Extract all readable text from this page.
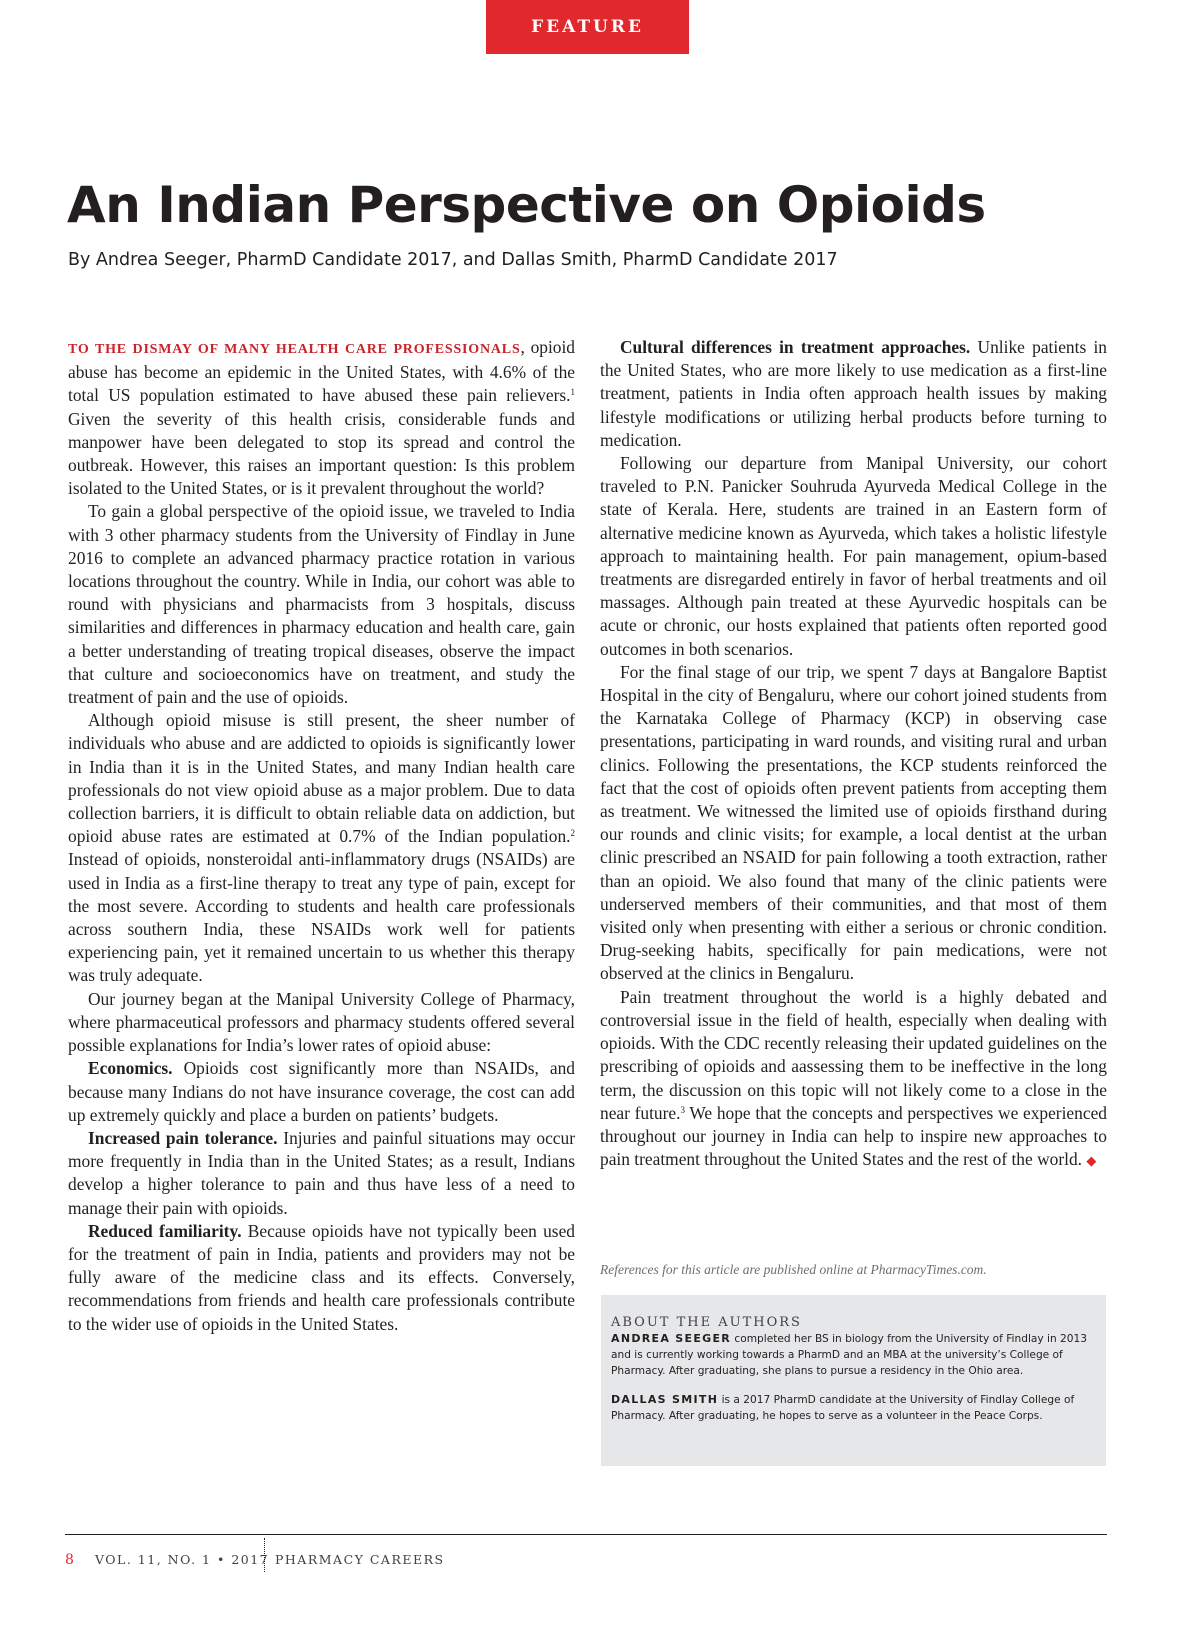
FEATURE
An Indian Perspective on Opioids

By Andrea Seeger, PharmD Candidate 2017, and Dallas Smith, PharmD Candidate 2017

TO THE DISMAY OF MANY HEALTH CARE PROFESSIONALS, opioid abuse has become an epidemic in the United States, with 4.6% of the total US population estimated to have abused these pain relievers.$^1$ Given the severity of this health crisis, considerable funds and manpower have been delegated to stop its spread and control the outbreak. However, this raises an important question: Is this problem isolated to the United States, or is it prevalent throughout the world?

To gain a global perspective of the opioid issue, we traveled to India with 3 other pharmacy students from the University of Findlay in June 2016 to complete an advanced pharmacy practice rotation in various locations throughout the country. While in India, our cohort was able to round with physicians and pharmacists from 3 hospitals, discuss similarities and differences in pharmacy education and health care, gain a better understanding of treating tropical diseases, observe the impact that culture and socioeconomics have on treatment, and study the treatment of pain and the use of opioids.

Although opioid misuse is still present, the sheer number of individuals who abuse and are addicted to opioids is significantly lower in India than it is in the United States, and many Indian health care professionals do not view opioid abuse as a major problem. Due to data collection barriers, it is difficult to obtain reliable data on addiction, but opioid abuse rates are estimated at 0.7% of the Indian population.$^2$ Instead of opioids, nonsteroidal anti-inflammatory drugs (NSAIDs) are used in India as a first-line therapy to treat any type of pain, except for the most severe. According to students and health care professionals across southern India, these NSAIDs work well for patients experiencing pain, yet it remained uncertain to us whether this therapy was truly adequate.

Our journey began at the Manipal University College of Pharmacy, where pharmaceutical professors and pharmacy students offered several possible explanations for India’s lower rates of opioid abuse:

Economics. Opioids cost significantly more than NSAIDs, and because many Indians do not have insurance coverage, the cost can add up extremely quickly and place a burden on patients’ budgets.

Increased pain tolerance. Injuries and painful situations may occur more frequently in India than in the United States; as a result, Indians develop a higher tolerance to pain and thus have less of a need to manage their pain with opioids.

Reduced familiarity. Because opioids have not typically been used for the treatment of pain in India, patients and providers may not be fully aware of the medicine class and its effects. Conversely, recommendations from friends and health care professionals contribute to the wider use of opioids in the United States.

Cultural differences in treatment approaches. Unlike patients in the United States, who are more likely to use medication as a first-line treatment, patients in India often approach health issues by making lifestyle modifications or utilizing herbal products before turning to medication.

Following our departure from Manipal University, our cohort traveled to P.N. Panicker Souhruda Ayurveda Medical College in the state of Kerala. Here, students are trained in an Eastern form of alternative medicine known as Ayurveda, which takes a holistic lifestyle approach to maintaining health. For pain management, opium-based treatments are disregarded entirely in favor of herbal treatments and oil massages. Although pain treated at these Ayurvedic hospitals can be acute or chronic, our hosts explained that patients often reported good outcomes in both scenarios.

For the final stage of our trip, we spent 7 days at Bangalore Baptist Hospital in the city of Bengaluru, where our cohort joined students from the Karnataka College of Pharmacy (KCP) in observing case presentations, participating in ward rounds, and visiting rural and urban clinics. Following the presentations, the KCP students reinforced the fact that the cost of opioids often prevent patients from accepting them as treatment. We witnessed the limited use of opioids firsthand during our rounds and clinic visits; for example, a local dentist at the urban clinic prescribed an NSAID for pain following a tooth extraction, rather than an opioid. We also found that many of the clinic patients were underserved members of their communities, and that most of them visited only when presenting with either a serious or chronic condition. Drug-seeking habits, specifically for pain medications, were not observed at the clinics in Bengaluru.

Pain treatment throughout the world is a highly debated and controversial issue in the field of health, especially when dealing with opioids. With the CDC recently releasing their updated guidelines on the prescribing of opioids and aassessing them to be ineffective in the long term, the discussion on this topic will not likely come to a close in the near future.$^3$ We hope that the concepts and perspectives we experienced throughout our journey in India can help to inspire new approaches to pain treatment throughout the United States and the rest of the world. ◆

References for this article are published online at PharmacyTimes.com.

ABOUT THE AUTHORS

ANDREA SEEGER completed her BS in biology from the University of Findlay in 2013 and is currently working towards a PharmD and an MBA at the university’s College of Pharmacy. After graduating, she plans to pursue a residency in the Ohio area.

DALLAS SMITH is a 2017 PharmD candidate at the University of Findlay College of Pharmacy. After graduating, he hopes to serve as a volunteer in the Peace Corps.

8 VOL. 11, NO. 1 • 2017 PHARMACY CAREERS
